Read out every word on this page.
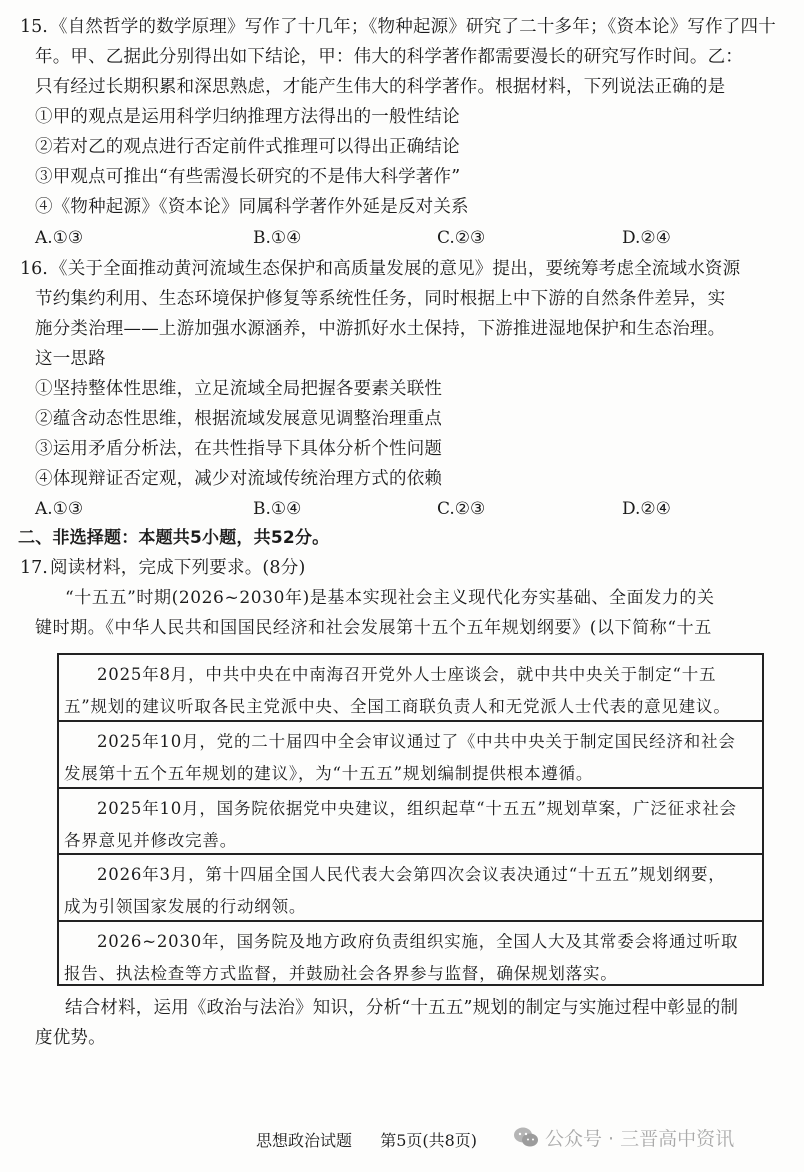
15. 《自然哲学的数学原理》写作了十几年；《物种起源》研究了二十多年；《资本论》写作了四十
年。甲、乙据此分别得出如下结论，甲：伟大的科学著作都需要漫长的研究写作时间。乙：
只有经过长期积累和深思熟虑，才能产生伟大的科学著作。根据材料，下列说法正确的是
①甲的观点是运用科学归纳推理方法得出的一般性结论
②若对乙的观点进行否定前件式推理可以得出正确结论
③甲观点可推出“有些需漫长研究的不是伟大科学著作”
④《物种起源》《资本论》同属科学著作外延是反对关系
A.①③	B.①④	C.②③	D.②④
16. 《关于全面推动黄河流域生态保护和高质量发展的意见》提出，要统筹考虑全流域水资源
节约集约利用、生态环境保护修复等系统性任务，同时根据上中下游的自然条件差异，实
施分类治理——上游加强水源涵养，中游抓好水土保持，下游推进湿地保护和生态治理。
这一思路
①坚持整体性思维，立足流域全局把握各要素关联性
②蕴含动态性思维，根据流域发展意见调整治理重点
③运用矛盾分析法，在共性指导下具体分析个性问题
④体现辩证否定观，减少对流域传统治理方式的依赖
A.①③	B.①④	C.②③	D.②④
二、非选择题：本题共5小题，共52分。
17. 阅读材料，完成下列要求。(8分)
“十五五”时期(2026~2030年)是基本实现社会主义现代化夯实基础、全面发力的关
键时期。《中华人民共和国国民经济和社会发展第十五个五年规划纲要》(以下简称“十五
2025年8月，中共中央在中南海召开党外人士座谈会，就中共中央关于制定“十五
五”规划的建议听取各民主党派中央、全国工商联负责人和无党派人士代表的意见建议。
2025年10月，党的二十届四中全会审议通过了《中共中央关于制定国民经济和社会
发展第十五个五年规划的建议》，为“十五五”规划编制提供根本遵循。
2025年10月，国务院依据党中央建议，组织起草“十五五”规划草案，广泛征求社会
各界意见并修改完善。
2026年3月，第十四届全国人民代表大会第四次会议表决通过“十五五”规划纲要，
成为引领国家发展的行动纲领。
2026~2030年，国务院及地方政府负责组织实施，全国人大及其常委会将通过听取
报告、执法检查等方式监督，并鼓励社会各界参与监督，确保规划落实。
结合材料，运用《政治与法治》知识，分析“十五五”规划的制定与实施过程中彰显的制
度优势。
思想政治试题 第5页(共8页)	公众号 · 三晋高中资讯
